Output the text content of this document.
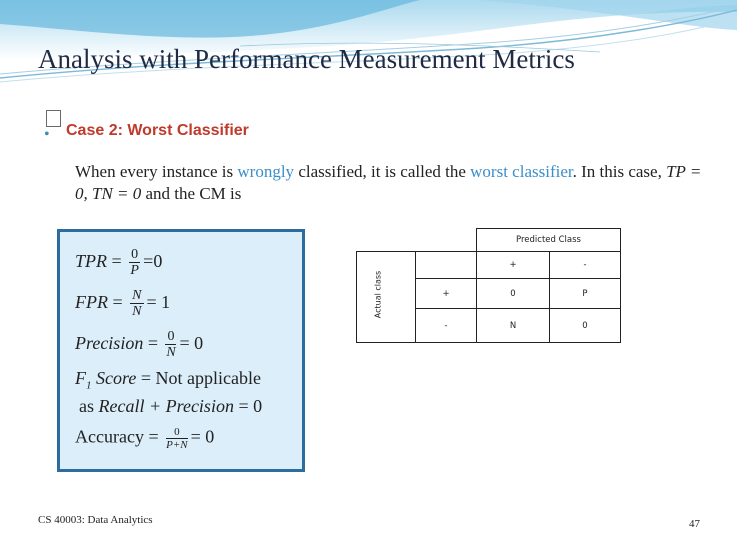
Analysis with Performance Measurement Metrics
• Case 2: Worst Classifier
When every instance is wrongly classified, it is called the worst classifier. In this case, TP = 0, TN = 0 and the CM is
TPR = $\frac{0}{P} =0$
FPR = $\frac{N}{N} = 1$
Precision = $\frac{0}{N} = 0$
$F_1$ Score = Not applicable
as Recall + Precision = 0
Accuracy = $\frac{0}{P+N} = 0$
		Predicted Class	

Actual class		+	-
	+	0	P
	-	N	0
CS 40003: Data Analytics	47
